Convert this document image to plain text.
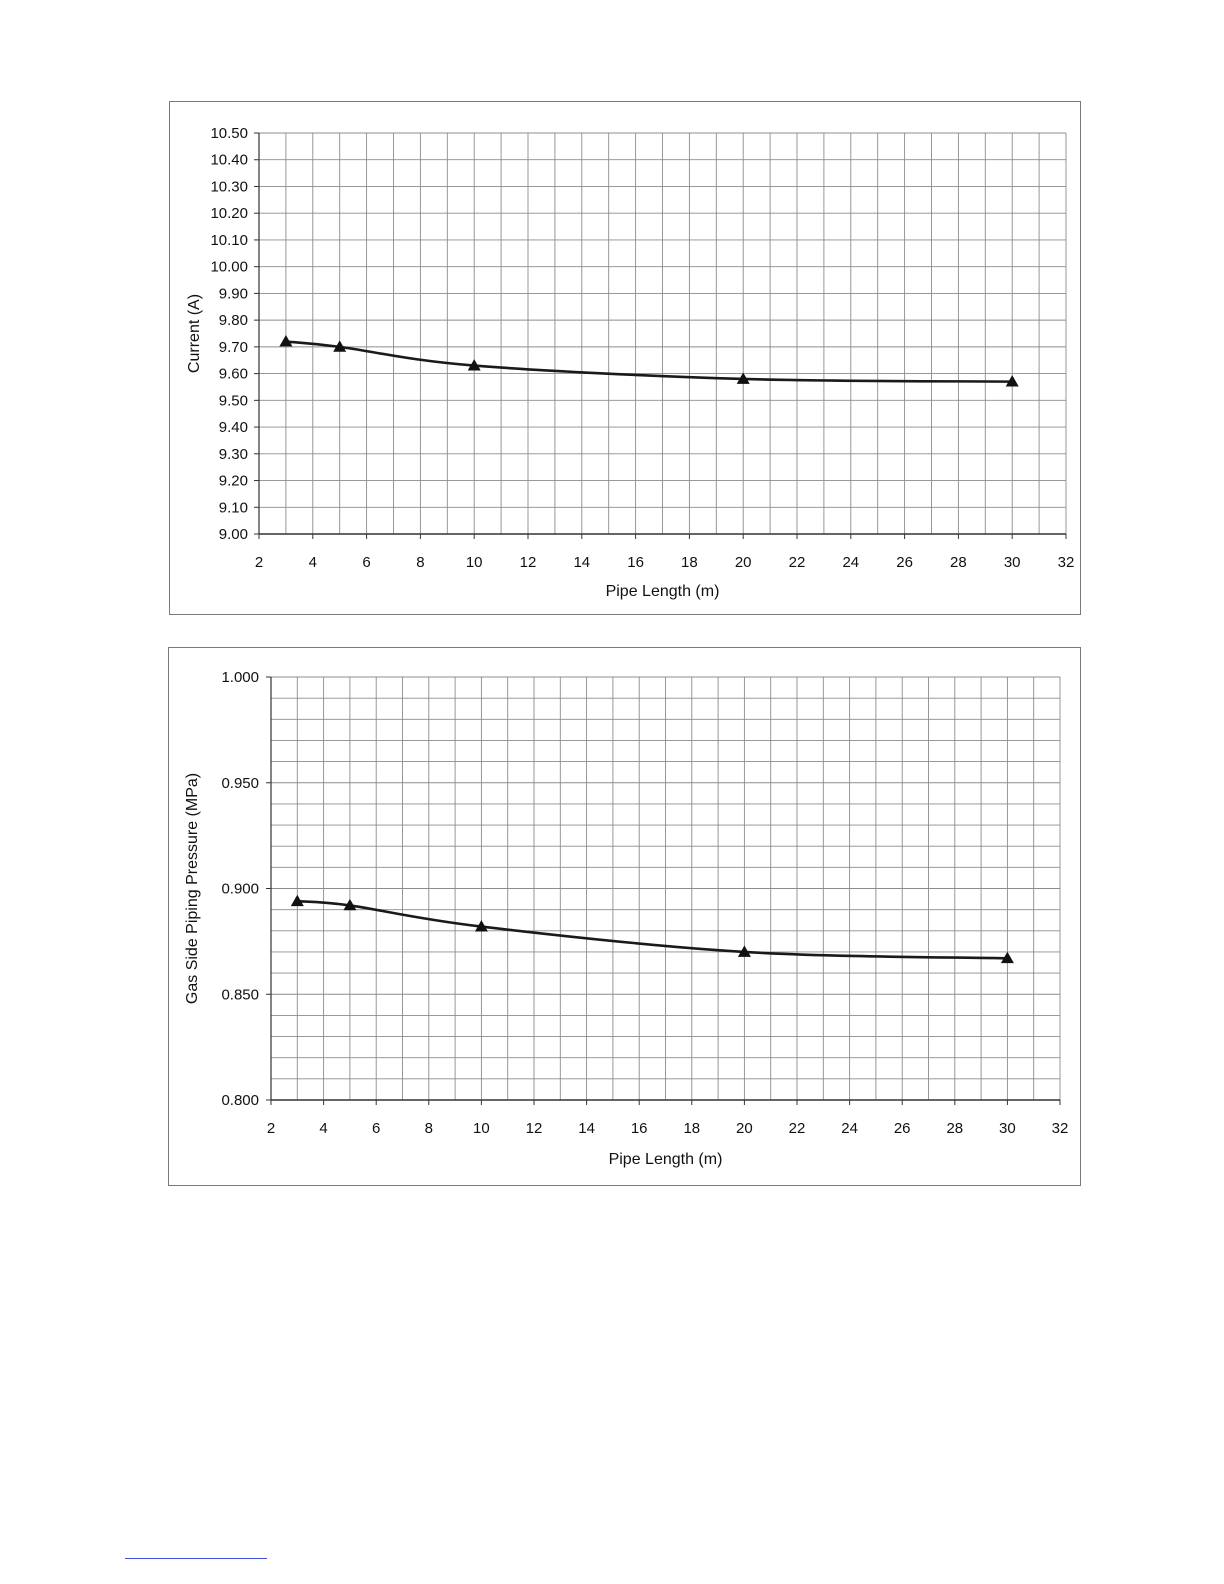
9.00
9.10
9.20
9.30
9.40
9.50
9.60
9.70
9.80
9.90
10.00
10.10
10.20
10.30
10.40
10.50
2	4	6	8	10 12 14 16 18 20 22 24 26 28 30 32
Pipe Length (m)
Current (A)
0.800
0.850
0.900
0.950
1.000
2	4	6	8	10 12 14 16 18 20 22 24 26 28 30 32
Pipe Length (m)
Gas Side Piping Pressure (MPa)
